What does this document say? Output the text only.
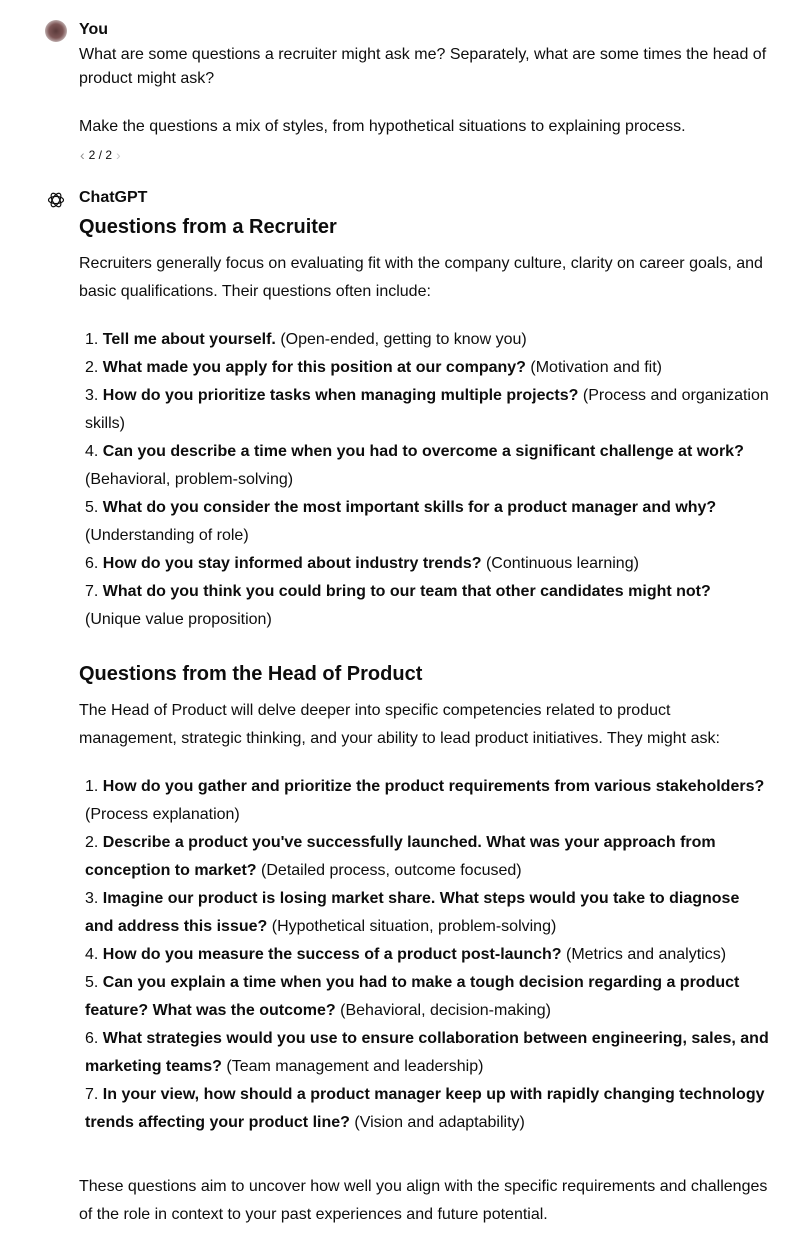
You

What are some questions a recruiter might ask me? Separately, what are some times the head of product might ask?

Make the questions a mix of styles, from hypothetical situations to explaining process.

‹ 2 / 2 ›
ChatGPT
Questions from a Recruiter

Recruiters generally focus on evaluating fit with the company culture, clarity on career goals, and basic qualifications. Their questions often include:

1. Tell me about yourself. (Open-ended, getting to know you)
2. What made you apply for this position at our company? (Motivation and fit)
3. How do you prioritize tasks when managing multiple projects? (Process and organization skills)
4. Can you describe a time when you had to overcome a significant challenge at work? (Behavioral, problem-solving)
5. What do you consider the most important skills for a product manager and why? (Understanding of role)
6. How do you stay informed about industry trends? (Continuous learning)
7. What do you think you could bring to our team that other candidates might not? (Unique value proposition)
Questions from the Head of Product

The Head of Product will delve deeper into specific competencies related to product management, strategic thinking, and your ability to lead product initiatives. They might ask:

1. How do you gather and prioritize the product requirements from various stakeholders? (Process explanation)
2. Describe a product you've successfully launched. What was your approach from conception to market? (Detailed process, outcome focused)
3. Imagine our product is losing market share. What steps would you take to diagnose and address this issue? (Hypothetical situation, problem-solving)
4. How do you measure the success of a product post-launch? (Metrics and analytics)
5. Can you explain a time when you had to make a tough decision regarding a product feature? What was the outcome? (Behavioral, decision-making)
6. What strategies would you use to ensure collaboration between engineering, sales, and marketing teams? (Team management and leadership)
7. In your view, how should a product manager keep up with rapidly changing technology trends affecting your product line? (Vision and adaptability)

These questions aim to uncover how well you align with the specific requirements and challenges of the role in context to your past experiences and future potential.
